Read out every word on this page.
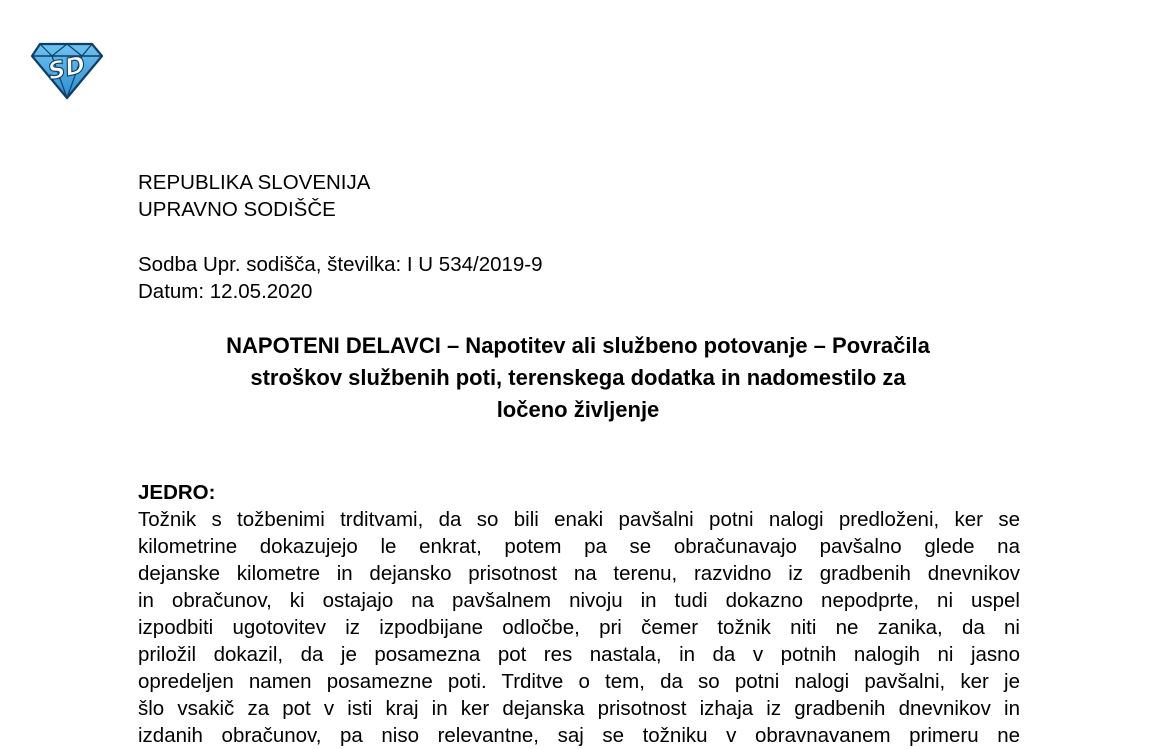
SD
REPUBLIKA SLOVENIJA
UPRAVNO SODIŠČE
Sodba Upr. sodišča, številka: I U 534/2019-9
Datum: 12.05.2020
NAPOTENI DELAVCI – Napotitev ali službeno potovanje – Povračila
stroškov službenih poti, terenskega dodatka in nadomestilo za
ločeno življenje
JEDRO:
Tožnik s tožbenimi trditvami, da so bili enaki pavšalni potni nalogi predloženi, ker se
kilometrine dokazujejo le enkrat, potem pa se obračunavajo pavšalno glede na
dejanske kilometre in dejansko prisotnost na terenu, razvidno iz gradbenih dnevnikov
in obračunov, ki ostajajo na pavšalnem nivoju in tudi dokazno nepodprte, ni uspel
izpodbiti ugotovitev iz izpodbijane odločbe, pri čemer tožnik niti ne zanika, da ni
priložil dokazil, da je posamezna pot res nastala, in da v potnih nalogih ni jasno
opredeljen namen posamezne poti. Trditve o tem, da so potni nalogi pavšalni, ker je
šlo vsakič za pot v isti kraj in ker dejanska prisotnost izhaja iz gradbenih dnevnikov in
izdanih obračunov, pa niso relevantne, saj se tožniku v obravnavanem primeru ne
